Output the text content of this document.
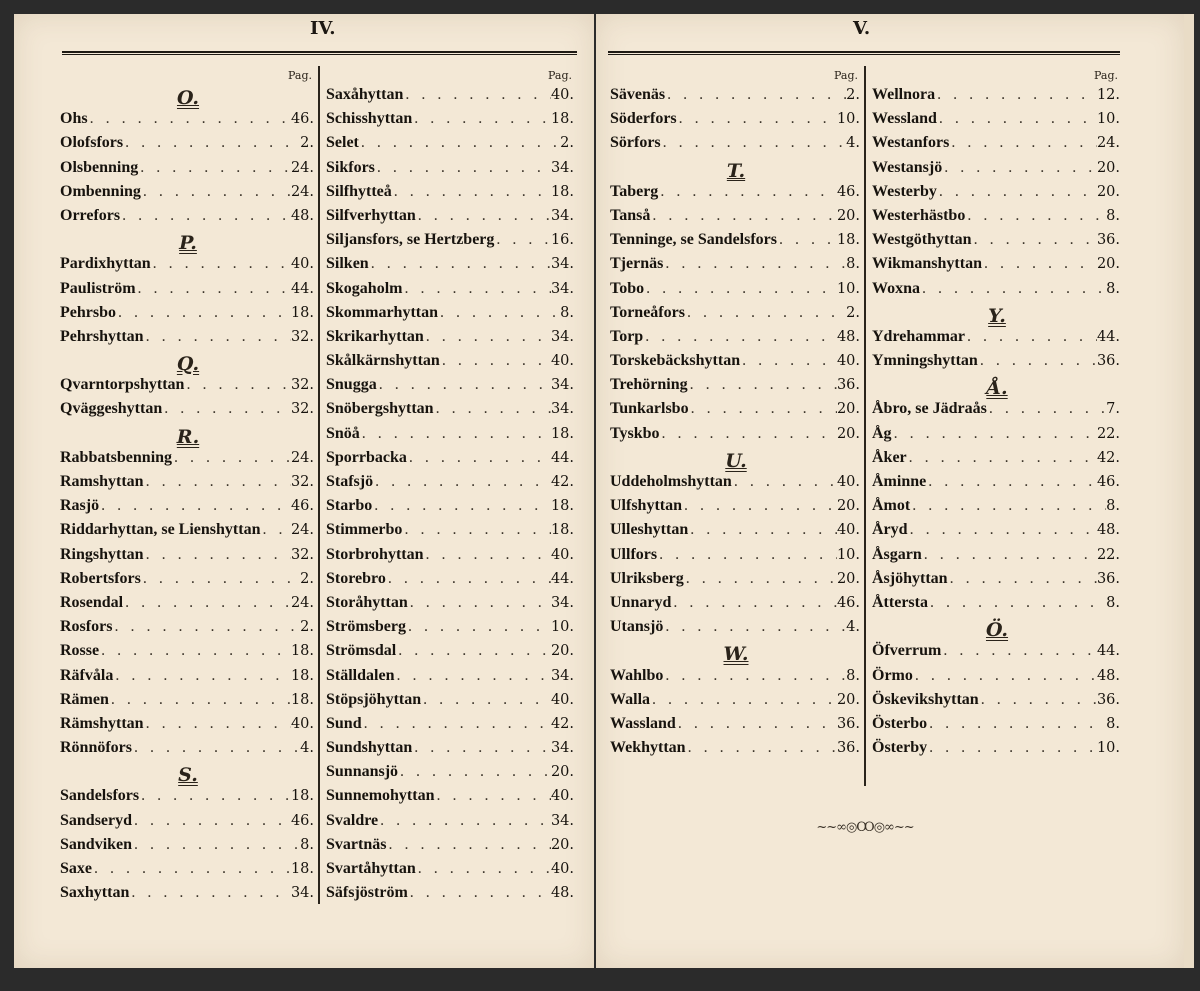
IV.	V.
Pag.
O.
Ohs . . .	46.
Olofsfors . . .	2.
Olsbenning . . .	24.
Ombenning . . .	24.
Orrefors . . .	48.
P.
Pardixhyttan . . .	40.
Pauliström . . .	44.
Pehrsbo . . .	18.
Pehrshyttan . . .	32.
Q.
Qvarntorpshyttan . . .	32.
Qväggeshyttan . . .	32.
R.
Rabbatsbenning . . .	24.
Ramshyttan . . .	32.
Rasjö . . .	46.
Riddarhyttan, se Lienshyttan . . . 24.
Ringshyttan . . .	32.
Robertsfors . . .	2.
Rosendal . . .	24.
Rosfors . . .	2.
Rosse . . .	18.
Räfvåla . . .	18.
Rämen . . .	18.
Rämshyttan . . .	40.
Rönnöfors . . .	4.
S.
Sandelsfors . . .	18.
Sandseryd . . .	46.
Sandviken . . .	8.
Saxe . . .	18.
Saxhyttan . . .	34.
Pag.
Saxåhyttan . . .	40.
Schisshyttan . . .	18.
Selet . . .	2.
Sikfors . . .	34.
Silfhytteå . . .	18.
Silfverhyttan . . .	34.
Siljansfors, se Hertzberg . . .	16.
Silken . . .	34.
Skogaholm . . .	34.
Skommarhyttan . . .	8.
Skrikarhyttan . . .	34.
Skålkärnshyttan . . .	40.
Snugga . . .	34.
Snöbergshyttan . . .	34.
Snöå . . .	18.
Sporrbacka . . .	44.
Stafsjö . . .	42.
Starbo . . .	18.
Stimmerbo . . .	18.
Storbrohyttan . . .	40.
Storebro . . .	44.
Storåhyttan . . .	34.
Strömsberg . . .	10.
Strömsdal . . .	20.
Ställdalen . . .	34.
Stöpsjöhyttan . . .	40.
Sund . . .	42.
Sundshyttan . . .	34.
Sunnansjö . . .	20.
Sunnemohyttan . . .	40.
Svaldre . . .	34.
Svartnäs . . .	20.
Svartåhyttan . . .	40.
Säfsjöström . . .	48.
Pag.
Sävenäs . . .	2.
Söderfors . . .	10.
Sörfors . . .	4.
T.
Taberg . . .	46.
Tanså . . .	20.
Tenninge, se Sandelsfors . . .	18.
Tjernäs . . .	8.
Tobo . . .	10.
Torneåfors . . .	2.
Torp . . .	48.
Torskebäckshyttan . . .	40.
Trehörning . . .	36.
Tunkarlsbo . . .	20.
Tyskbo . . .	20.
U.
Uddeholmshyttan . . .	40.
Ulfshyttan . . .	20.
Ulleshyttan . . .	40.
Ullfors . . .	10.
Ulriksberg . . .	20.
Unnaryd . . .	46.
Utansjö . . .	4.
W.
Wahlbo . . .	8.
Walla . . .	20.
Wassland . . .	36.
Wekhyttan . . .	36.
Pag.
Wellnora . . .	12.
Wessland . . .	10.
Westanfors . . .	24.
Westansjö . . .	20.
Westerby . . .	20.
Westerhästbo . . .	8.
Westgöthyttan . . .	36.
Wikmanshyttan . . .	20.
Woxna . . .	8.
Y.
Ydrehammar . . .	44.
Ymningshyttan . . .	36.
Å.
Åbro, se Jädraås . . .	7.
Åg . . .	22.
Åker . . .	42.
Åminne . . .	46.
Åmot . . .	8.
Åryd . . .	48.
Åsgarn . . .	22.
Åsjöhyttan . . .	36.
Åttersta . . .	8.
Ö.
Öfverrum . . .	44.
Örmo . . .	48.
Öskevikshyttan . . .	36.
Österbo . . .	8.
Österby . . .	10.
~~∞◎Ꝏ◎∞~~
